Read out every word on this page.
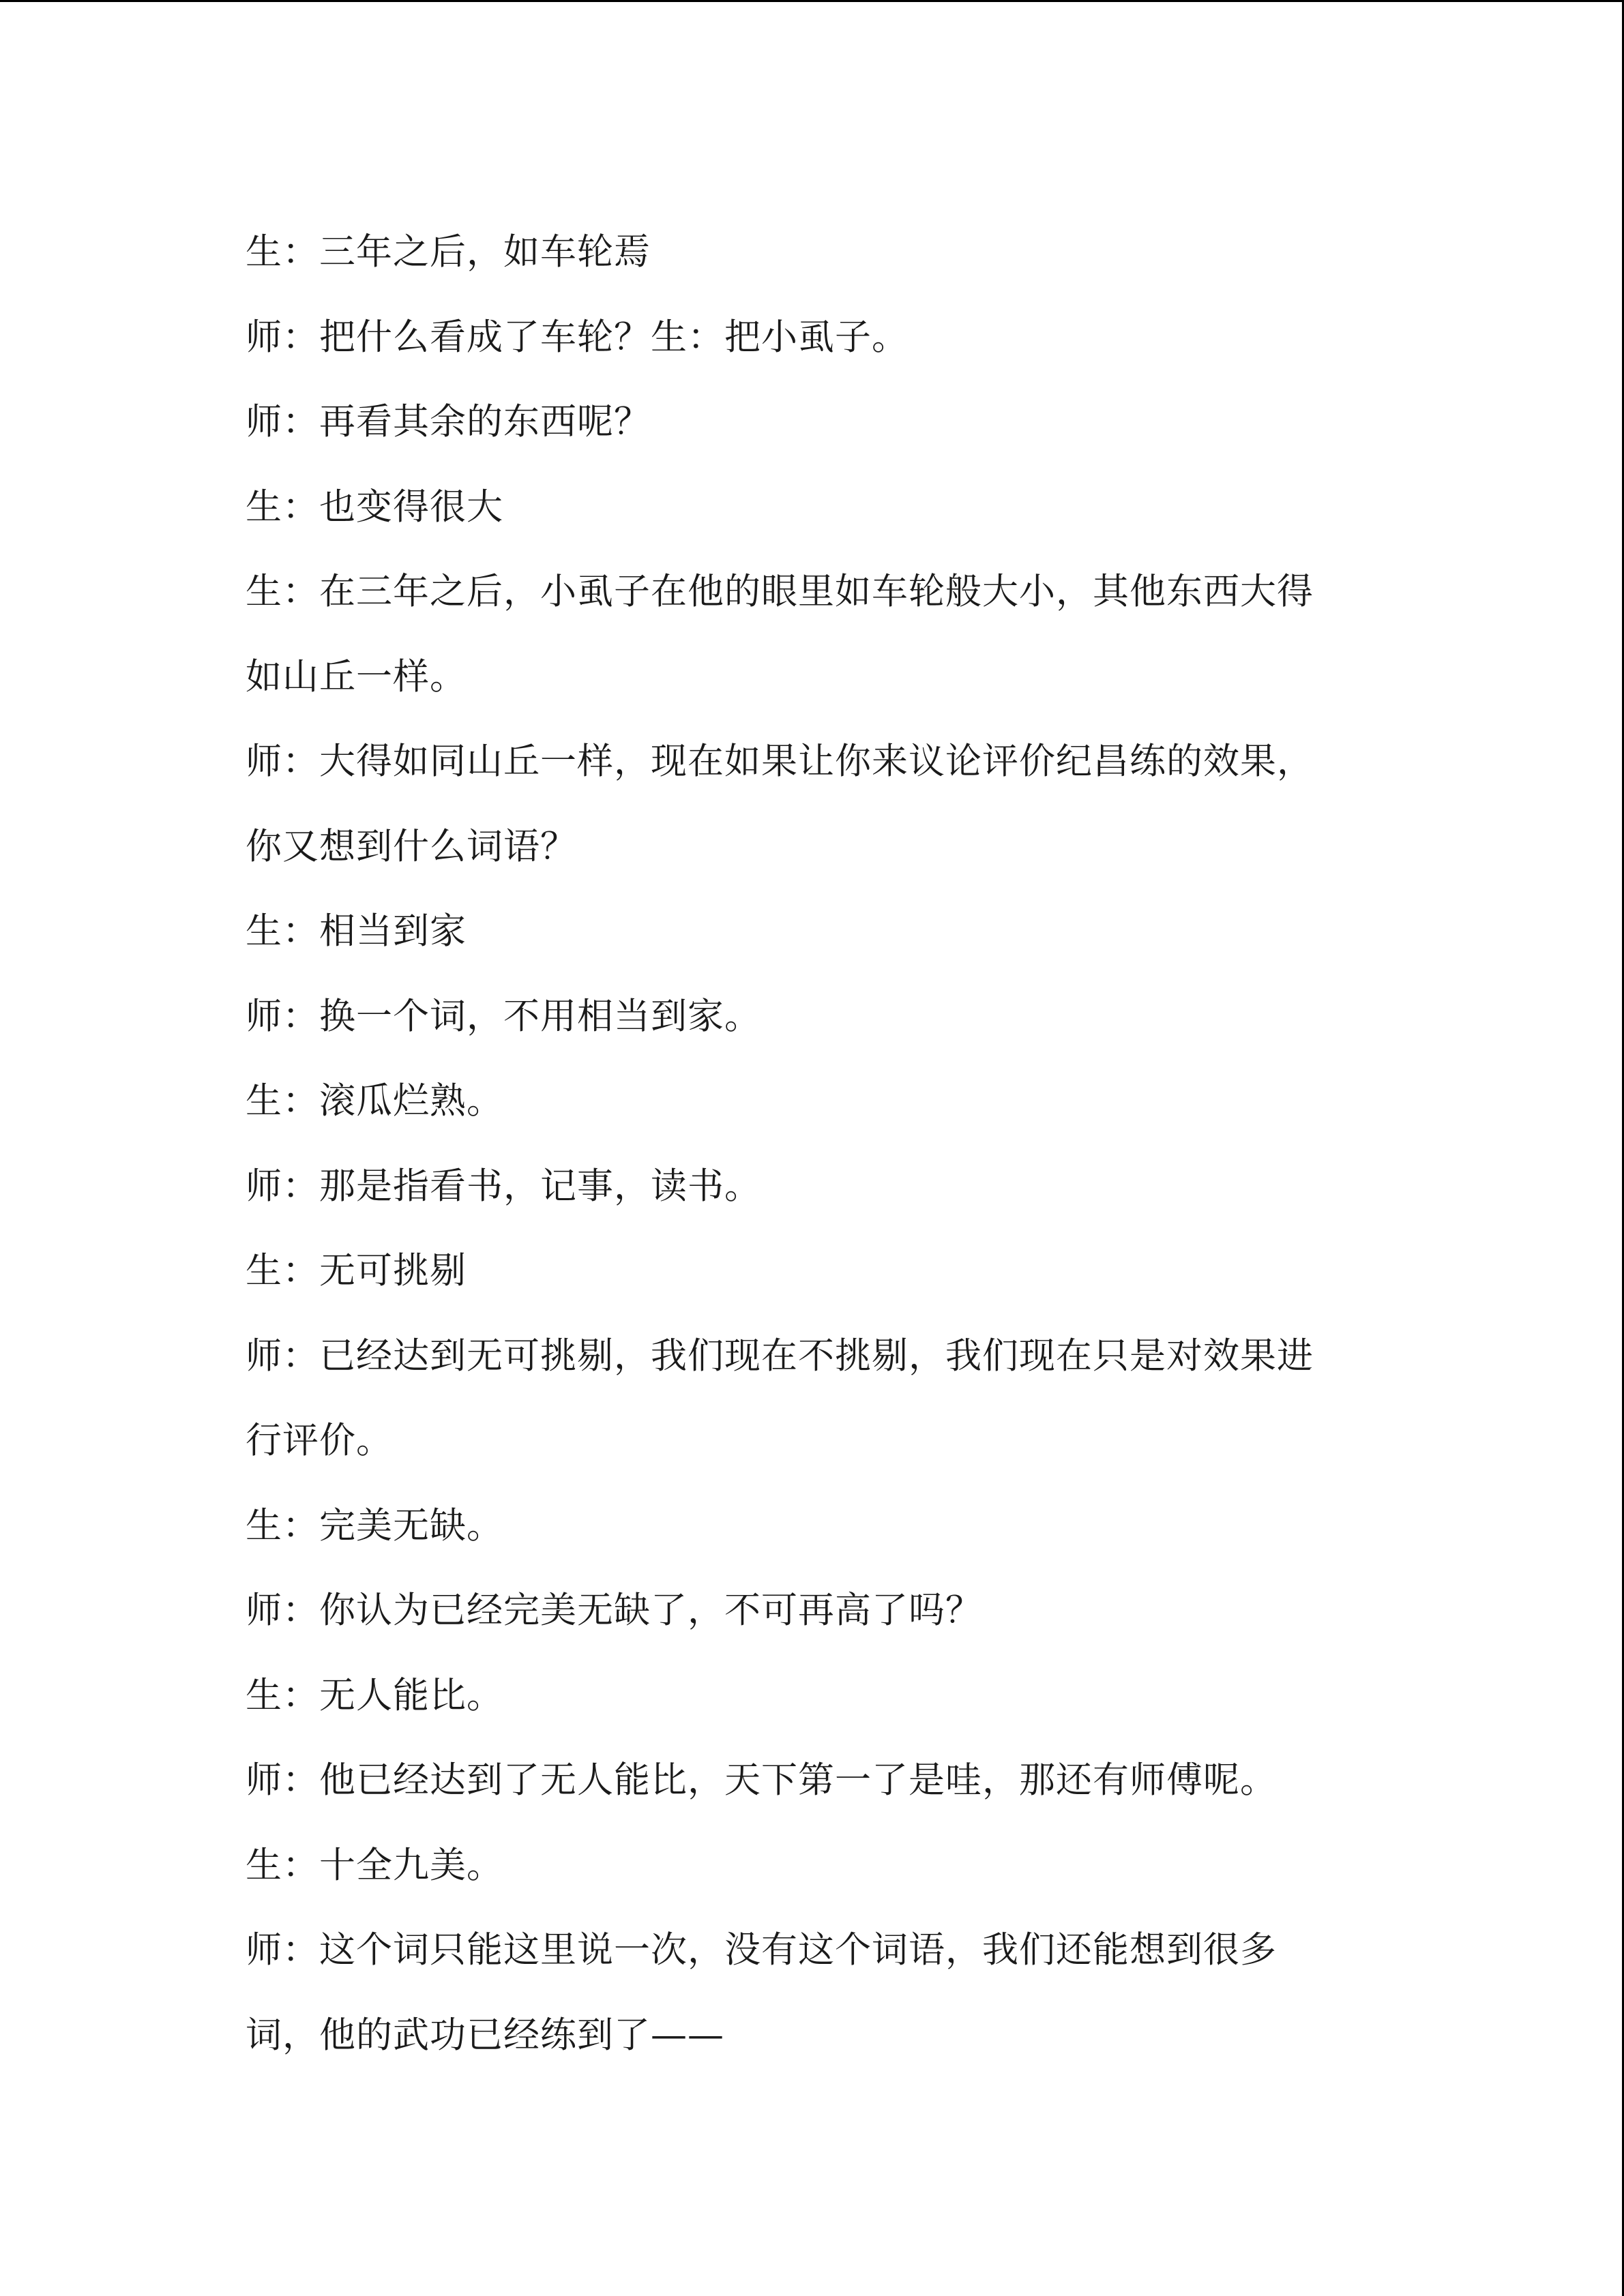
生：三年之后，如车轮焉
师：把什么看成了车轮？生：把小虱子。
师：再看其余的东西呢？
生：也变得很大
生：在三年之后，小虱子在他的眼里如车轮般大小，其他东西大得
如山丘一样。
师：大得如同山丘一样，现在如果让你来议论评价纪昌练的效果，
你又想到什么词语？
生：相当到家
师：换一个词，不用相当到家。
生：滚瓜烂熟。
师：那是指看书，记事，读书。
生：无可挑剔
师：已经达到无可挑剔，我们现在不挑剔，我们现在只是对效果进
行评价。
生：完美无缺。
师：你认为已经完美无缺了，不可再高了吗？
生：无人能比。
师：他已经达到了无人能比，天下第一了是哇，那还有师傅呢。
生：十全九美。
师：这个词只能这里说一次，没有这个词语，我们还能想到很多
词，他的武功已经练到了——
